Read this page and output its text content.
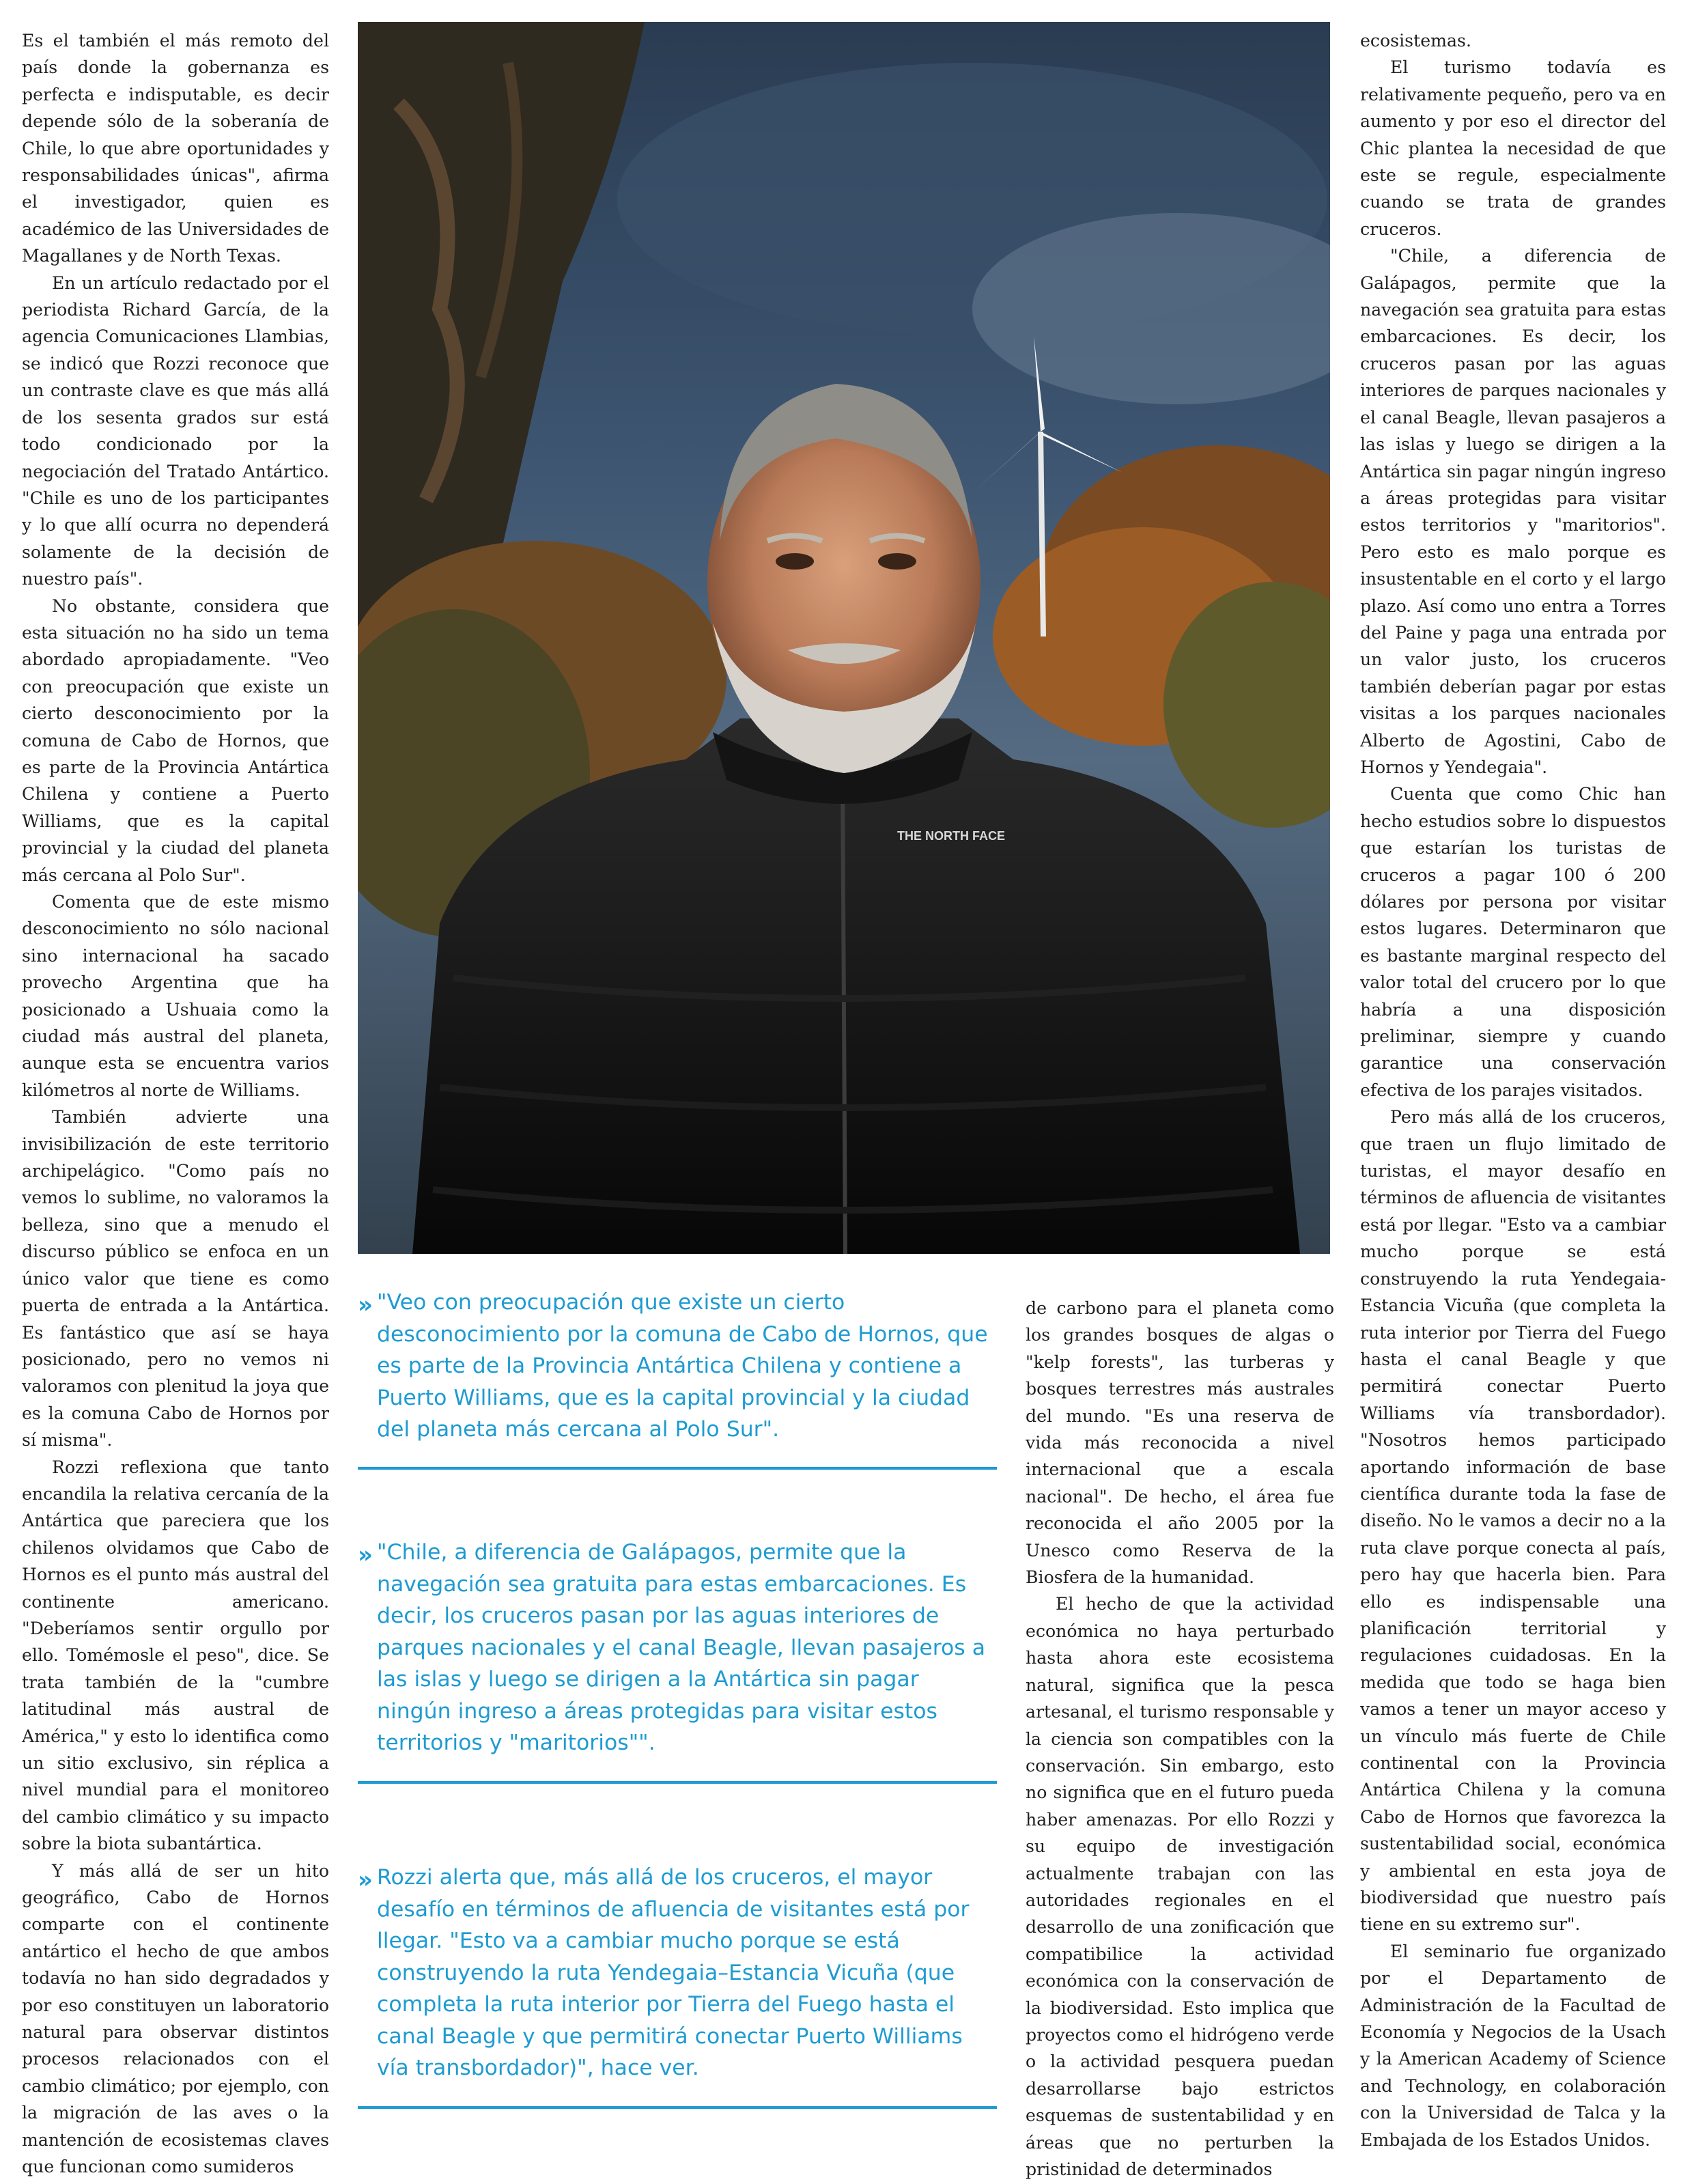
Es el también el más remoto del país donde la gobernanza es perfecta e indisputable, es decir depende sólo de la soberanía de Chile, lo que abre oportunidades y responsabilidades únicas", afirma el investigador, quien es académico de las Universidades de Magallanes y de North Texas.

En un artículo redactado por el periodista Richard García, de la agencia Comunicaciones Llambias, se indicó que Rozzi reconoce que un contraste clave es que más allá de los sesenta grados sur está todo condicionado por la negociación del Tratado Antártico. "Chile es uno de los participantes y lo que allí ocurra no dependerá solamente de la decisión de nuestro país".

No obstante, considera que esta situación no ha sido un tema abordado apropiadamente. "Veo con preocupación que existe un cierto desconocimiento por la comuna de Cabo de Hornos, que es parte de la Provincia Antártica Chilena y contiene a Puerto Williams, que es la capital provincial y la ciudad del planeta más cercana al Polo Sur".

Comenta que de este mismo desconocimiento no sólo nacional sino internacional ha sacado provecho Argentina que ha posicionado a Ushuaia como la ciudad más austral del planeta, aunque esta se encuentra varios kilómetros al norte de Williams.

También advierte una invisibilización de este territorio archipelágico. "Como país no vemos lo sublime, no valoramos la belleza, sino que a menudo el discurso público se enfoca en un único valor que tiene es como puerta de entrada a la Antártica. Es fantástico que así se haya posicionado, pero no vemos ni valoramos con plenitud la joya que es la comuna Cabo de Hornos por sí misma".

Rozzi reflexiona que tanto encandila la relativa cercanía de la Antártica que pareciera que los chilenos olvidamos que Cabo de Hornos es el punto más austral del continente americano. "Deberíamos sentir orgullo por ello. Tomémosle el peso", dice. Se trata también de la "cumbre latitudinal más austral de América," y esto lo identifica como un sitio exclusivo, sin réplica a nivel mundial para el monitoreo del cambio climático y su impacto sobre la biota subantártica.

Y más allá de ser un hito geográfico, Cabo de Hornos comparte con el continente antártico el hecho de que ambos todavía no han sido degradados y por eso constituyen un laboratorio natural para observar distintos procesos relacionados con el cambio climático; por ejemplo, con la migración de las aves o la mantención de ecosistemas claves que funcionan como sumideros

THE NORTH FACE
» "Veo con preocupación que existe un cierto desconocimiento por la comuna de Cabo de Hornos, que es parte de la Provincia Antártica Chilena y contiene a Puerto Williams, que es la capital provincial y la ciudad del planeta más cercana al Polo Sur".
» "Chile, a diferencia de Galápagos, permite que la navegación sea gratuita para estas embarcaciones. Es decir, los cruceros pasan por las aguas interiores de parques nacionales y el canal Beagle, llevan pasajeros a las islas y luego se dirigen a la Antártica sin pagar ningún ingreso a áreas protegidas para visitar estos territorios y "maritorios"".
» Rozzi alerta que, más allá de los cruceros, el mayor desafío en términos de afluencia de visitantes está por llegar. "Esto va a cambiar mucho porque se está construyendo la ruta Yendegaia–Estancia Vicuña (que completa la ruta interior por Tierra del Fuego hasta el canal Beagle y que permitirá conectar Puerto Williams vía transbordador)", hace ver.

de carbono para el planeta como los grandes bosques de algas o "kelp forests", las turberas y bosques terrestres más australes del mundo. "Es una reserva de vida más reconocida a nivel internacional que a escala nacional". De hecho, el área fue reconocida el año 2005 por la Unesco como Reserva de la Biosfera de la humanidad.

El hecho de que la actividad económica no haya perturbado hasta ahora este ecosistema natural, significa que la pesca artesanal, el turismo responsable y la ciencia son compatibles con la conservación. Sin embargo, esto no significa que en el futuro pueda haber amenazas. Por ello Rozzi y su equipo de investigación actualmente trabajan con las autoridades regionales en el desarrollo de una zonificación que compatibilice la actividad económica con la conservación de la biodiversidad. Esto implica que proyectos como el hidrógeno verde o la actividad pesquera puedan desarrollarse bajo estrictos esquemas de sustentabilidad y en áreas que no perturben la pristinidad de determinados

ecosistemas.

El turismo todavía es relativamente pequeño, pero va en aumento y por eso el director del Chic plantea la necesidad de que este se regule, especialmente cuando se trata de grandes cruceros.

"Chile, a diferencia de Galápagos, permite que la navegación sea gratuita para estas embarcaciones. Es decir, los cruceros pasan por las aguas interiores de parques nacionales y el canal Beagle, llevan pasajeros a las islas y luego se dirigen a la Antártica sin pagar ningún ingreso a áreas protegidas para visitar estos territorios y "maritorios". Pero esto es malo porque es insustentable en el corto y el largo plazo. Así como uno entra a Torres del Paine y paga una entrada por un valor justo, los cruceros también deberían pagar por estas visitas a los parques nacionales Alberto de Agostini, Cabo de Hornos y Yendegaia".

Cuenta que como Chic han hecho estudios sobre lo dispuestos que estarían los turistas de cruceros a pagar 100 ó 200 dólares por persona por visitar estos lugares. Determinaron que es bastante marginal respecto del valor total del crucero por lo que habría a una disposición preliminar, siempre y cuando garantice una conservación efectiva de los parajes visitados.

Pero más allá de los cruceros, que traen un flujo limitado de turistas, el mayor desafío en términos de afluencia de visitantes está por llegar. "Esto va a cambiar mucho porque se está construyendo la ruta Yendegaia-Estancia Vicuña (que completa la ruta interior por Tierra del Fuego hasta el canal Beagle y que permitirá conectar Puerto Williams vía transbordador). "Nosotros hemos participado aportando información de base científica durante toda la fase de diseño. No le vamos a decir no a la ruta clave porque conecta al país, pero hay que hacerla bien. Para ello es indispensable una planificación territorial y regulaciones cuidadosas. En la medida que todo se haga bien vamos a tener un mayor acceso y un vínculo más fuerte de Chile continental con la Provincia Antártica Chilena y la comuna Cabo de Hornos que favorezca la sustentabilidad social, económica y ambiental en esta joya de biodiversidad que nuestro país tiene en su extremo sur".

El seminario fue organizado por el Departamento de Administración de la Facultad de Economía y Negocios de la Usach y la American Academy of Science and Technology, en colaboración con la Universidad de Talca y la Embajada de los Estados Unidos.
